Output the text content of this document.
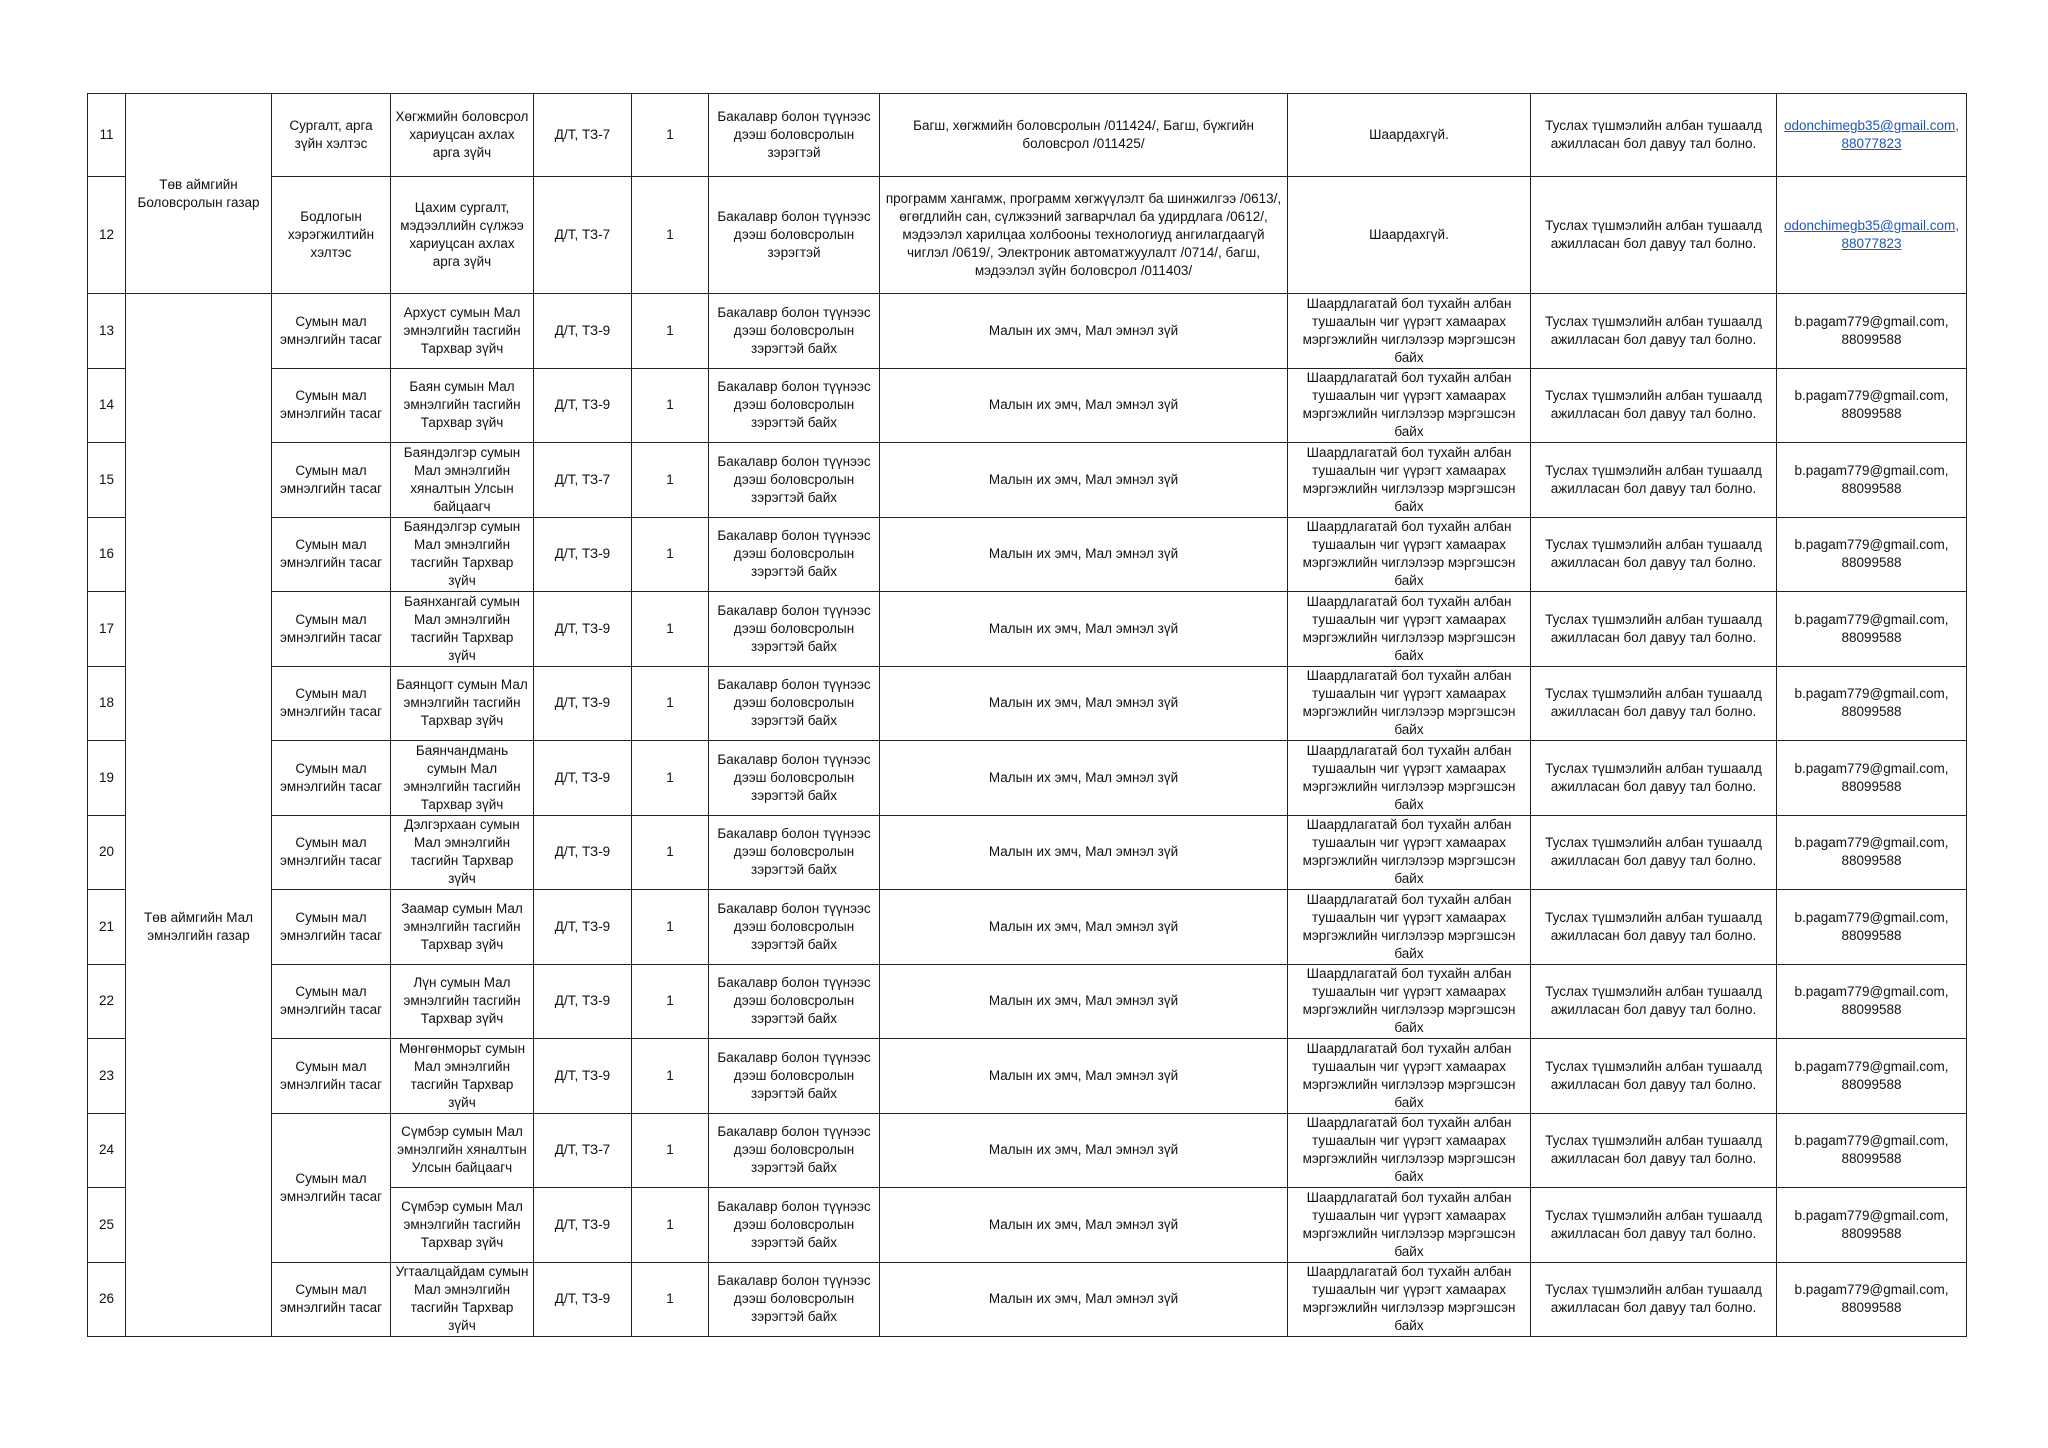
11	Төв аймгийн Боловсролын газар	Сургалт, арга зүйн хэлтэс	Хөгжмийн боловсрол хариуцсан ахлах арга зүйч	Д/Т, ТЗ-7	1	Бакалавр болон түүнээс дээш боловсролын зэрэгтэй	Багш, хөгжмийн боловсролын /011424/, Багш, бүжгийн боловсрол /011425/	Шаардахгүй.	Туслах түшмэлийн албан тушаалд ажилласан бол давуу тал болно.	odonchimegb35@gmail.com, 88077823
12		Бодлогын хэрэгжилтийн хэлтэс	Цахим сургалт, мэдээллийн сүлжээ хариуцсан ахлах арга зүйч	Д/Т, ТЗ-7	1	Бакалавр болон түүнээс дээш боловсролын зэрэгтэй	программ хангамж, программ хөгжүүлэлт ба шинжилгээ /0613/, өгөгдлийн сан, сүлжээний загварчлал ба удирдлага /0612/, мэдээлэл харилцаа холбооны технологиуд ангилагдаагүй чиглэл /0619/, Электроник автоматжуулалт /0714/, багш, мэдээлэл зүйн боловсрол /011403/	Шаардахгүй.	Туслах түшмэлийн албан тушаалд ажилласан бол давуу тал болно.	odonchimegb35@gmail.com, 88077823
13		Сумын мал эмнэлгийн тасаг	Архуст сумын Мал эмнэлгийн тасгийн Тархвар зүйч	Д/Т, ТЗ-9	1	Бакалавр болон түүнээс дээш боловсролын зэрэгтэй байх	Малын их эмч, Мал эмнэл зүй	Шаардлагатай бол тухайн албан тушаалын чиг үүрэгт хамаарах мэргэжлийн чиглэлээр мэргэшсэн байх	Туслах түшмэлийн албан тушаалд ажилласан бол давуу тал болно.	b.pagam779@gmail.com, 88099588
14		Сумын мал эмнэлгийн тасаг	Баян сумын Мал эмнэлгийн тасгийн Тархвар зүйч	Д/Т, ТЗ-9	1	Бакалавр болон түүнээс дээш боловсролын зэрэгтэй байх	Малын их эмч, Мал эмнэл зүй	Шаардлагатай бол тухайн албан тушаалын чиг үүрэгт хамаарах мэргэжлийн чиглэлээр мэргэшсэн байх	Туслах түшмэлийн албан тушаалд ажилласан бол давуу тал болно.	b.pagam779@gmail.com, 88099588
15		Сумын мал эмнэлгийн тасаг	Баяндэлгэр сумын Мал эмнэлгийн хяналтын Улсын байцаагч	Д/Т, ТЗ-7	1	Бакалавр болон түүнээс дээш боловсролын зэрэгтэй байх	Малын их эмч, Мал эмнэл зүй	Шаардлагатай бол тухайн албан тушаалын чиг үүрэгт хамаарах мэргэжлийн чиглэлээр мэргэшсэн байх	Туслах түшмэлийн албан тушаалд ажилласан бол давуу тал болно.	b.pagam779@gmail.com, 88099588
16		Сумын мал эмнэлгийн тасаг	Баяндэлгэр сумын Мал эмнэлгийн тасгийн Тархвар зүйч	Д/Т, ТЗ-9	1	Бакалавр болон түүнээс дээш боловсролын зэрэгтэй байх	Малын их эмч, Мал эмнэл зүй	Шаардлагатай бол тухайн албан тушаалын чиг үүрэгт хамаарах мэргэжлийн чиглэлээр мэргэшсэн байх	Туслах түшмэлийн албан тушаалд ажилласан бол давуу тал болно.	b.pagam779@gmail.com, 88099588
17		Сумын мал эмнэлгийн тасаг	Баянхангай сумын Мал эмнэлгийн тасгийн Тархвар зүйч	Д/Т, ТЗ-9	1	Бакалавр болон түүнээс дээш боловсролын зэрэгтэй байх	Малын их эмч, Мал эмнэл зүй	Шаардлагатай бол тухайн албан тушаалын чиг үүрэгт хамаарах мэргэжлийн чиглэлээр мэргэшсэн байх	Туслах түшмэлийн албан тушаалд ажилласан бол давуу тал болно.	b.pagam779@gmail.com, 88099588
18		Сумын мал эмнэлгийн тасаг	Баянцогт сумын Мал эмнэлгийн тасгийн Тархвар зүйч	Д/Т, ТЗ-9	1	Бакалавр болон түүнээс дээш боловсролын зэрэгтэй байх	Малын их эмч, Мал эмнэл зүй	Шаардлагатай бол тухайн албан тушаалын чиг үүрэгт хамаарах мэргэжлийн чиглэлээр мэргэшсэн байх	Туслах түшмэлийн албан тушаалд ажилласан бол давуу тал болно.	b.pagam779@gmail.com, 88099588
19		Сумын мал эмнэлгийн тасаг	Баянчандмань сумын Мал эмнэлгийн тасгийн Тархвар зүйч	Д/Т, ТЗ-9	1	Бакалавр болон түүнээс дээш боловсролын зэрэгтэй байх	Малын их эмч, Мал эмнэл зүй	Шаардлагатай бол тухайн албан тушаалын чиг үүрэгт хамаарах мэргэжлийн чиглэлээр мэргэшсэн байх	Туслах түшмэлийн албан тушаалд ажилласан бол давуу тал болно.	b.pagam779@gmail.com, 88099588
20		Сумын мал эмнэлгийн тасаг	Дэлгэрхаан сумын Мал эмнэлгийн тасгийн Тархвар зүйч	Д/Т, ТЗ-9	1	Бакалавр болон түүнээс дээш боловсролын зэрэгтэй байх	Малын их эмч, Мал эмнэл зүй	Шаардлагатай бол тухайн албан тушаалын чиг үүрэгт хамаарах мэргэжлийн чиглэлээр мэргэшсэн байх	Туслах түшмэлийн албан тушаалд ажилласан бол давуу тал болно.	b.pagam779@gmail.com, 88099588
21	Төв аймгийн Мал эмнэлгийн газар	Сумын мал эмнэлгийн тасаг	Заамар сумын Мал эмнэлгийн тасгийн Тархвар зүйч	Д/Т, ТЗ-9	1	Бакалавр болон түүнээс дээш боловсролын зэрэгтэй байх	Малын их эмч, Мал эмнэл зүй	Шаардлагатай бол тухайн албан тушаалын чиг үүрэгт хамаарах мэргэжлийн чиглэлээр мэргэшсэн байх	Туслах түшмэлийн албан тушаалд ажилласан бол давуу тал болно.	b.pagam779@gmail.com, 88099588
22		Сумын мал эмнэлгийн тасаг	Лүн сумын Мал эмнэлгийн тасгийн Тархвар зүйч	Д/Т, ТЗ-9	1	Бакалавр болон түүнээс дээш боловсролын зэрэгтэй байх	Малын их эмч, Мал эмнэл зүй	Шаардлагатай бол тухайн албан тушаалын чиг үүрэгт хамаарах мэргэжлийн чиглэлээр мэргэшсэн байх	Туслах түшмэлийн албан тушаалд ажилласан бол давуу тал болно.	b.pagam779@gmail.com, 88099588
23		Сумын мал эмнэлгийн тасаг	Мөнгөнморьт сумын Мал эмнэлгийн тасгийн Тархвар зүйч	Д/Т, ТЗ-9	1	Бакалавр болон түүнээс дээш боловсролын зэрэгтэй байх	Малын их эмч, Мал эмнэл зүй	Шаардлагатай бол тухайн албан тушаалын чиг үүрэгт хамаарах мэргэжлийн чиглэлээр мэргэшсэн байх	Туслах түшмэлийн албан тушаалд ажилласан бол давуу тал болно.	b.pagam779@gmail.com, 88099588
24		Сумын мал эмнэлгийн тасаг	Сүмбэр сумын Мал эмнэлгийн хяналтын Улсын байцаагч	Д/Т, ТЗ-7	1	Бакалавр болон түүнээс дээш боловсролын зэрэгтэй байх	Малын их эмч, Мал эмнэл зүй	Шаардлагатай бол тухайн албан тушаалын чиг үүрэгт хамаарах мэргэжлийн чиглэлээр мэргэшсэн байх	Туслах түшмэлийн албан тушаалд ажилласан бол давуу тал болно.	b.pagam779@gmail.com, 88099588
25			Сүмбэр сумын Мал эмнэлгийн тасгийн Тархвар зүйч	Д/Т, ТЗ-9	1	Бакалавр болон түүнээс дээш боловсролын зэрэгтэй байх	Малын их эмч, Мал эмнэл зүй	Шаардлагатай бол тухайн албан тушаалын чиг үүрэгт хамаарах мэргэжлийн чиглэлээр мэргэшсэн байх	Туслах түшмэлийн албан тушаалд ажилласан бол давуу тал болно.	b.pagam779@gmail.com, 88099588
26		Сумын мал эмнэлгийн тасаг	Угтаалцайдам сумын Мал эмнэлгийн тасгийн Тархвар зүйч	Д/Т, ТЗ-9	1	Бакалавр болон түүнээс дээш боловсролын зэрэгтэй байх	Малын их эмч, Мал эмнэл зүй	Шаардлагатай бол тухайн албан тушаалын чиг үүрэгт хамаарах мэргэжлийн чиглэлээр мэргэшсэн байх	Туслах түшмэлийн албан тушаалд ажилласан бол давуу тал болно.	b.pagam779@gmail.com, 88099588
